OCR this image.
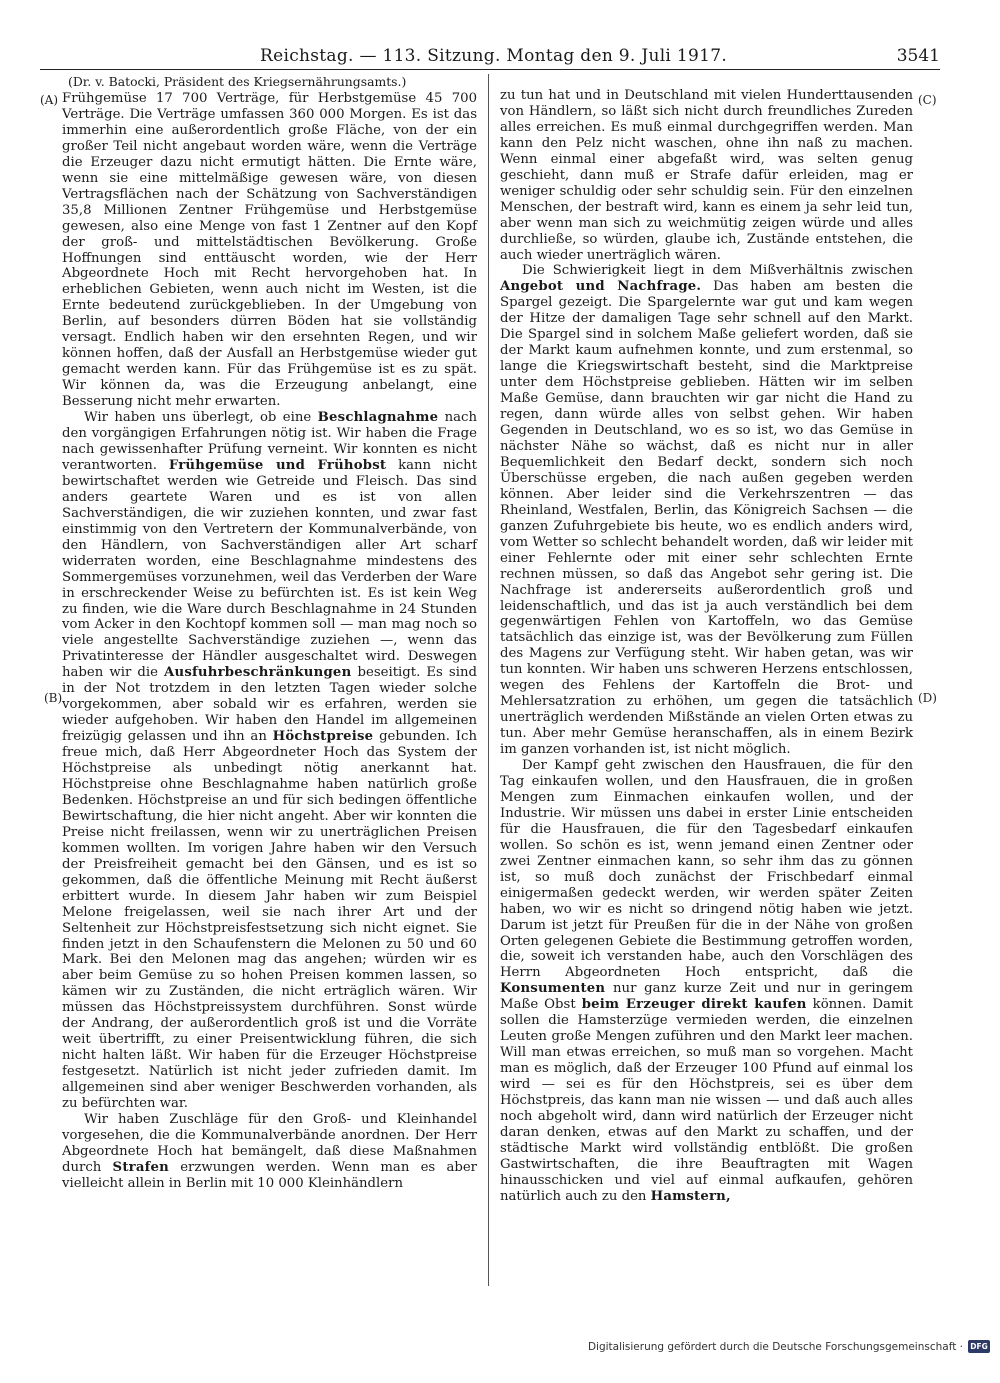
Reichstag. — 113. Sitzung. Montag den 9. Juli 1917.	3541
(A)
(B)
(C)
(D)

(Dr. v. Batocki, Präsident des Kriegsernährungsamts.)

Frühgemüse 17 700 Verträge, für Herbstgemüse 45 700 Verträge. Die Verträge umfassen 360 000 Morgen. Es ist das immerhin eine außerordentlich große Fläche, von der ein großer Teil nicht angebaut worden wäre, wenn die Verträge die Erzeuger dazu nicht ermutigt hätten. Die Ernte wäre, wenn sie eine mittelmäßige gewesen wäre, von diesen Vertragsflächen nach der Schätzung von Sachverständigen 35,8 Millionen Zentner Frühgemüse und Herbstgemüse gewesen, also eine Menge von fast 1 Zentner auf den Kopf der groß- und mittelstädtischen Bevölkerung. Große Hoffnungen sind enttäuscht worden, wie der Herr Abgeordnete Hoch mit Recht hervorgehoben hat. In erheblichen Gebieten, wenn auch nicht im Westen, ist die Ernte bedeutend zurückgeblieben. In der Umgebung von Berlin, auf besonders dürren Böden hat sie vollständig versagt. Endlich haben wir den ersehnten Regen, und wir können hoffen, daß der Ausfall an Herbstgemüse wieder gut gemacht werden kann. Für das Frühgemüse ist es zu spät. Wir können da, was die Erzeugung anbelangt, eine Besserung nicht mehr erwarten.

Wir haben uns überlegt, ob eine Beschlagnahme nach den vorgängigen Erfahrungen nötig ist. Wir haben die Frage nach gewissenhafter Prüfung verneint. Wir konnten es nicht verantworten. Frühgemüse und Frühobst kann nicht bewirtschaftet werden wie Getreide und Fleisch. Das sind anders geartete Waren und es ist von allen Sachverständigen, die wir zuziehen konnten, und zwar fast einstimmig von den Vertretern der Kommunalverbände, von den Händlern, von Sachverständigen aller Art scharf widerraten worden, eine Beschlagnahme mindestens des Sommergemüses vorzunehmen, weil das Verderben der Ware in erschreckender Weise zu befürchten ist. Es ist kein Weg zu finden, wie die Ware durch Beschlagnahme in 24 Stunden vom Acker in den Kochtopf kommen soll — man mag noch so viele angestellte Sachverständige zuziehen —, wenn das Privatinteresse der Händler ausgeschaltet wird. Deswegen haben wir die Ausfuhrbeschränkungen beseitigt. Es sind in der Not trotzdem in den letzten Tagen wieder solche vorgekommen, aber sobald wir es erfahren, werden sie wieder aufgehoben. Wir haben den Handel im allgemeinen freizügig gelassen und ihn an Höchstpreise gebunden. Ich freue mich, daß Herr Abgeordneter Hoch das System der Höchstpreise als unbedingt nötig anerkannt hat. Höchstpreise ohne Beschlagnahme haben natürlich große Bedenken. Höchstpreise an und für sich bedingen öffentliche Bewirtschaftung, die hier nicht angeht. Aber wir konnten die Preise nicht freilassen, wenn wir zu unerträglichen Preisen kommen wollten. Im vorigen Jahre haben wir den Versuch der Preisfreiheit gemacht bei den Gänsen, und es ist so gekommen, daß die öffentliche Meinung mit Recht äußerst erbittert wurde. In diesem Jahr haben wir zum Beispiel Melone freigelassen, weil sie nach ihrer Art und der Seltenheit zur Höchstpreisfestsetzung sich nicht eignet. Sie finden jetzt in den Schaufenstern die Melonen zu 50 und 60 Mark. Bei den Melonen mag das angehen; würden wir es aber beim Gemüse zu so hohen Preisen kommen lassen, so kämen wir zu Zuständen, die nicht erträglich wären. Wir müssen das Höchstpreissystem durchführen. Sonst würde der Andrang, der außerordentlich groß ist und die Vorräte weit übertrifft, zu einer Preisentwicklung führen, die sich nicht halten läßt. Wir haben für die Erzeuger Höchstpreise festgesetzt. Natürlich ist nicht jeder zufrieden damit. Im allgemeinen sind aber weniger Beschwerden vorhanden, als zu befürchten war.

Wir haben Zuschläge für den Groß- und Kleinhandel vorgesehen, die die Kommunalverbände anordnen. Der Herr Abgeordnete Hoch hat bemängelt, daß diese Maßnahmen durch Strafen erzwungen werden. Wenn man es aber vielleicht allein in Berlin mit 10 000 Kleinhändlern

zu tun hat und in Deutschland mit vielen Hunderttausenden von Händlern, so läßt sich nicht durch freundliches Zureden alles erreichen. Es muß einmal durchgegriffen werden. Man kann den Pelz nicht waschen, ohne ihn naß zu machen. Wenn einmal einer abgefaßt wird, was selten genug geschieht, dann muß er Strafe dafür erleiden, mag er weniger schuldig oder sehr schuldig sein. Für den einzelnen Menschen, der bestraft wird, kann es einem ja sehr leid tun, aber wenn man sich zu weichmütig zeigen würde und alles durchließe, so würden, glaube ich, Zustände entstehen, die auch wieder unerträglich wären.

Die Schwierigkeit liegt in dem Mißverhältnis zwischen Angebot und Nachfrage. Das haben am besten die Spargel gezeigt. Die Spargelernte war gut und kam wegen der Hitze der damaligen Tage sehr schnell auf den Markt. Die Spargel sind in solchem Maße geliefert worden, daß sie der Markt kaum aufnehmen konnte, und zum erstenmal, so lange die Kriegswirtschaft besteht, sind die Marktpreise unter dem Höchstpreise geblieben. Hätten wir im selben Maße Gemüse, dann brauchten wir gar nicht die Hand zu regen, dann würde alles von selbst gehen. Wir haben Gegenden in Deutschland, wo es so ist, wo das Gemüse in nächster Nähe so wächst, daß es nicht nur in aller Bequemlichkeit den Bedarf deckt, sondern sich noch Überschüsse ergeben, die nach außen gegeben werden können. Aber leider sind die Verkehrszentren — das Rheinland, Westfalen, Berlin, das Königreich Sachsen — die ganzen Zufuhrgebiete bis heute, wo es endlich anders wird, vom Wetter so schlecht behandelt worden, daß wir leider mit einer Fehlernte oder mit einer sehr schlechten Ernte rechnen müssen, so daß das Angebot sehr gering ist. Die Nachfrage ist andererseits außerordentlich groß und leidenschaftlich, und das ist ja auch verständlich bei dem gegenwärtigen Fehlen von Kartoffeln, wo das Gemüse tatsächlich das einzige ist, was der Bevölkerung zum Füllen des Magens zur Verfügung steht. Wir haben getan, was wir tun konnten. Wir haben uns schweren Herzens entschlossen, wegen des Fehlens der Kartoffeln die Brot- und Mehlersatzration zu erhöhen, um gegen die tatsächlich unerträglich werdenden Mißstände an vielen Orten etwas zu tun. Aber mehr Gemüse heranschaffen, als in einem Bezirk im ganzen vorhanden ist, ist nicht möglich.

Der Kampf geht zwischen den Hausfrauen, die für den Tag einkaufen wollen, und den Hausfrauen, die in großen Mengen zum Einmachen einkaufen wollen, und der Industrie. Wir müssen uns dabei in erster Linie entscheiden für die Hausfrauen, die für den Tagesbedarf einkaufen wollen. So schön es ist, wenn jemand einen Zentner oder zwei Zentner einmachen kann, so sehr ihm das zu gönnen ist, so muß doch zunächst der Frischbedarf einmal einigermaßen gedeckt werden, wir werden später Zeiten haben, wo wir es nicht so dringend nötig haben wie jetzt. Darum ist jetzt für Preußen für die in der Nähe von großen Orten gelegenen Gebiete die Bestimmung getroffen worden, die, soweit ich verstanden habe, auch den Vorschlägen des Herrn Abgeordneten Hoch entspricht, daß die Konsumenten nur ganz kurze Zeit und nur in geringem Maße Obst beim Erzeuger direkt kaufen können. Damit sollen die Hamsterzüge vermieden werden, die einzelnen Leuten große Mengen zuführen und den Markt leer machen. Will man etwas erreichen, so muß man so vorgehen. Macht man es möglich, daß der Erzeuger 100 Pfund auf einmal los wird — sei es für den Höchstpreis, sei es über dem Höchstpreis, das kann man nie wissen — und daß auch alles noch abgeholt wird, dann wird natürlich der Erzeuger nicht daran denken, etwas auf den Markt zu schaffen, und der städtische Markt wird vollständig entblößt. Die großen Gastwirtschaften, die ihre Beauftragten mit Wagen hinausschicken und viel auf einmal aufkaufen, gehören natürlich auch zu den Hamstern,

Digitalisierung gefördert durch die Deutsche Forschungsgemeinschaft · DFG
